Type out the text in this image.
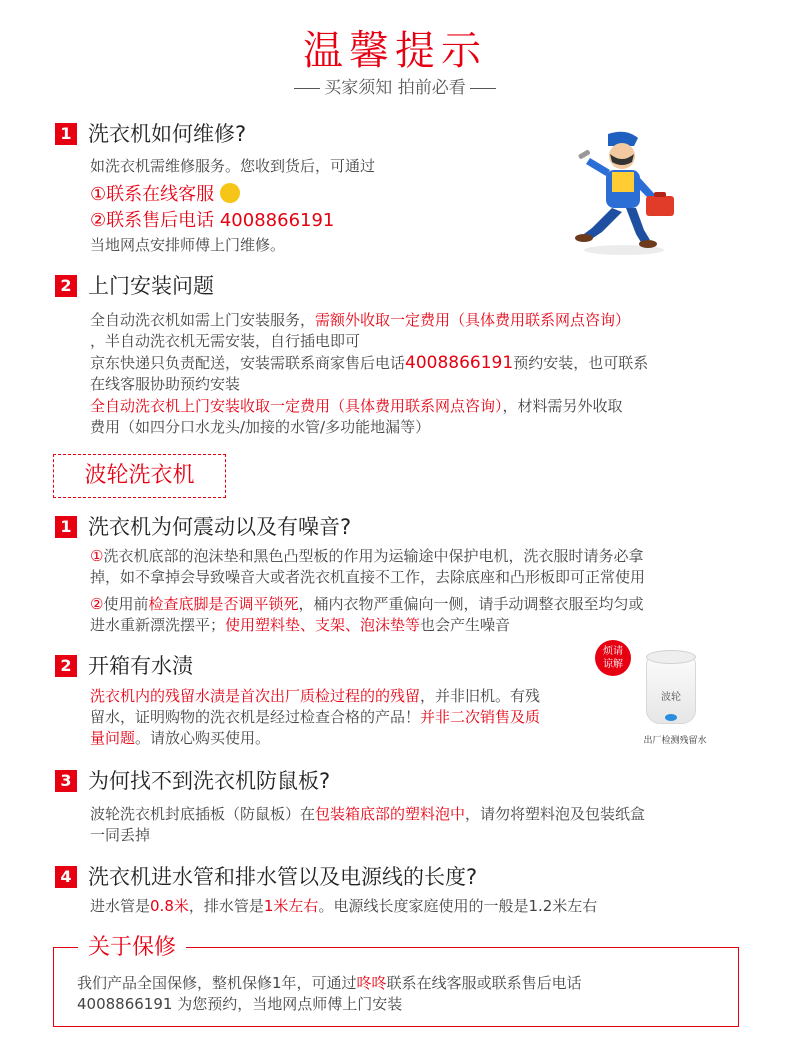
温馨提示
买家须知 拍前必看
1 洗衣机如何维修?
如洗衣机需维修服务。您收到货后，可通过
①联系在线客服
②联系售后电话 4008866191
当地网点安排师傅上门维修。
2 上门安装问题
全自动洗衣机如需上门安装服务，需额外收取一定费用（具体费用联系网点咨询）
，半自动洗衣机无需安装，自行插电即可
京东快递只负责配送，安装需联系商家售后电话4008866191预约安装，也可联系
在线客服协助预约安装
全自动洗衣机上门安装收取一定费用（具体费用联系网点咨询），材料需另外收取
费用（如四分口水龙头/加接的水管/多功能地漏等）
波轮洗衣机
1 洗衣机为何震动以及有噪音?
①洗衣机底部的泡沫垫和黑色凸型板的作用为运输途中保护电机，洗衣服时请务必拿
掉，如不拿掉会导致噪音大或者洗衣机直接不工作，去除底座和凸形板即可正常使用
②使用前检查底脚是否调平锁死，桶内衣物严重偏向一侧，请手动调整衣服至均匀或
进水重新漂洗摆平；使用塑料垫、支架、泡沫垫等也会产生噪音
2 开箱有水渍
洗衣机内的残留水渍是首次出厂质检过程的的残留，并非旧机。有残
留水，证明购物的洗衣机是经过检查合格的产品！并非二次销售及质
量问题。请放心购买使用。
烦请
谅解
波轮
出厂检测残留水
3 为何找不到洗衣机防鼠板?
波轮洗衣机封底插板（防鼠板）在包装箱底部的塑料泡中，请勿将塑料泡及包装纸盒
一同丢掉
4 洗衣机进水管和排水管以及电源线的长度?
进水管是0.8米，排水管是1米左右。电源线长度家庭使用的一般是1.2米左右
关于保修
我们产品全国保修，整机保修1年，可通过咚咚联系在线客服或联系售后电话
4008866191 为您预约，当地网点师傅上门安装
